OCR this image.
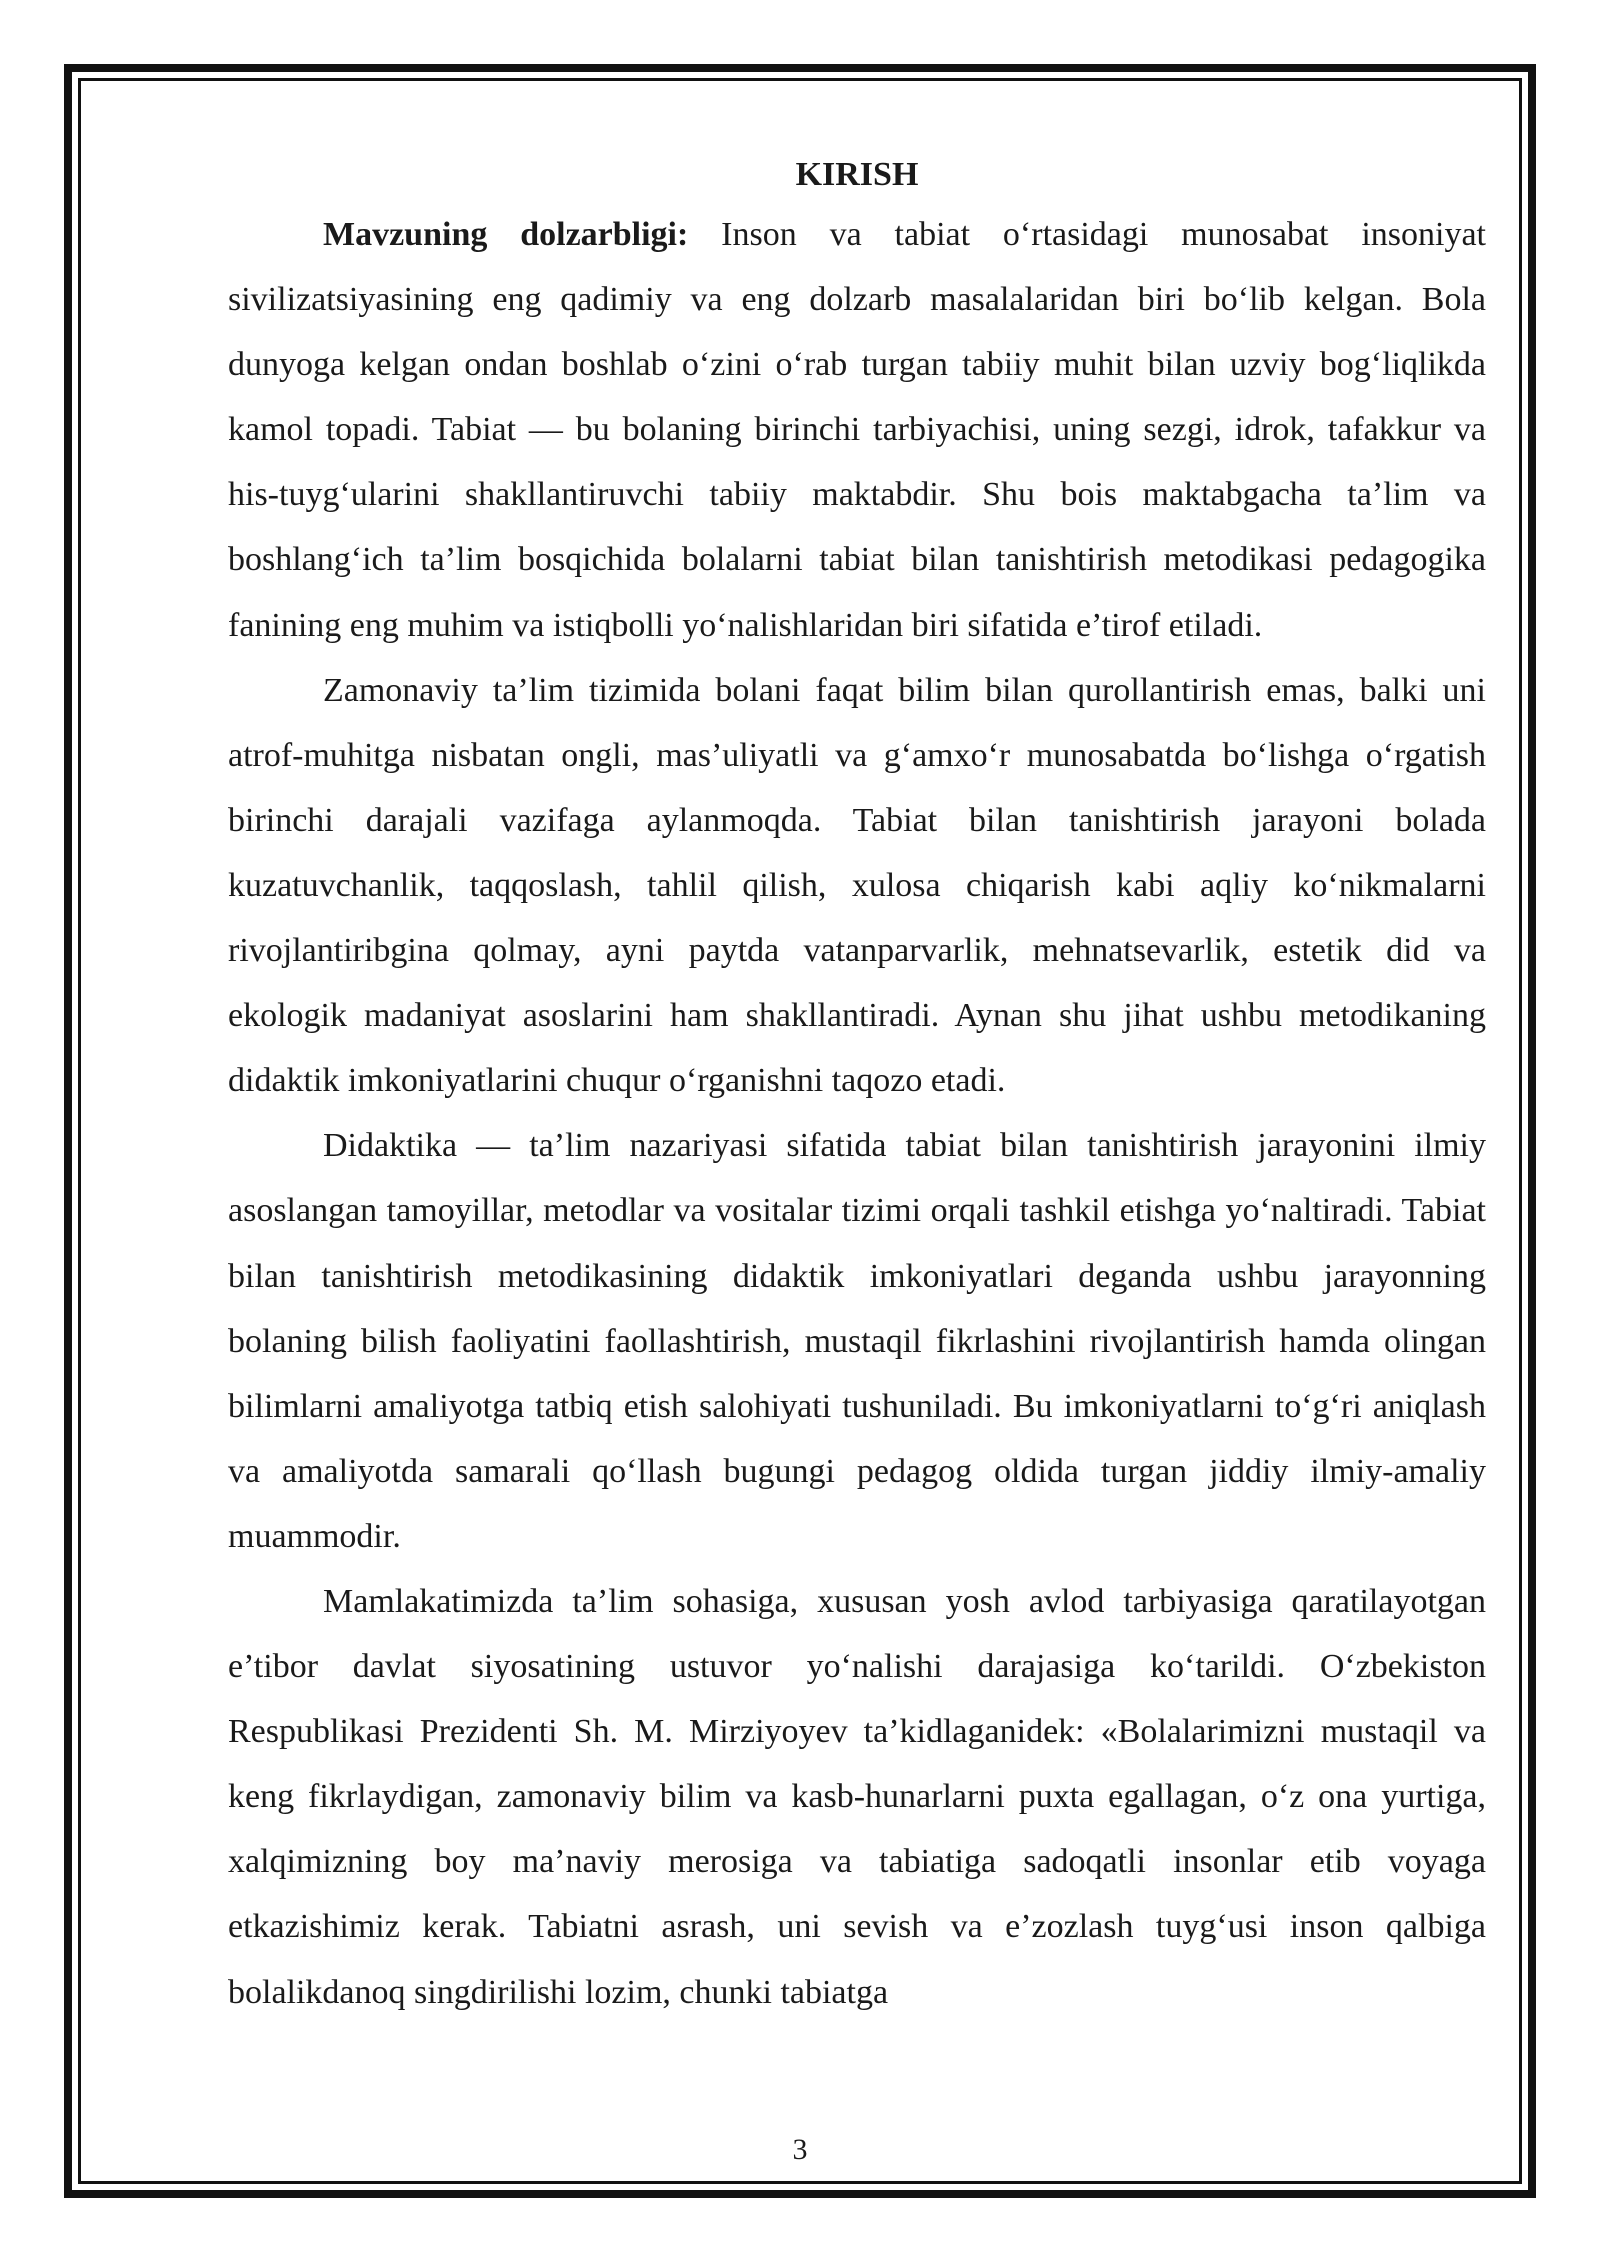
KIRISH

Mavzuning dolzarbligi: Inson va tabiat o‘rtasidagi munosabat insoniyat sivilizatsiyasining eng qadimiy va eng dolzarb masalalaridan biri bo‘lib kelgan. Bola dunyoga kelgan ondan boshlab o‘zini o‘rab turgan tabiiy muhit bilan uzviy bog‘liqlikda kamol topadi. Tabiat — bu bolaning birinchi tarbiyachisi, uning sezgi, idrok, tafakkur va his-tuyg‘ularini shakllantiruvchi tabiiy maktabdir. Shu bois maktabgacha ta’lim va boshlang‘ich ta’lim bosqichida bolalarni tabiat bilan tanishtirish metodikasi pedagogika fanining eng muhim va istiqbolli yo‘nalishlaridan biri sifatida e’tirof etiladi.

Zamonaviy ta’lim tizimida bolani faqat bilim bilan qurollantirish emas, balki uni atrof-muhitga nisbatan ongli, mas’uliyatli va g‘amxo‘r munosabatda bo‘lishga o‘rgatish birinchi darajali vazifaga aylanmoqda. Tabiat bilan tanishtirish jarayoni bolada kuzatuvchanlik, taqqoslash, tahlil qilish, xulosa chiqarish kabi aqliy ko‘nikmalarni rivojlantiribgina qolmay, ayni paytda vatanparvarlik, mehnatsevarlik, estetik did va ekologik madaniyat asoslarini ham shakllantiradi. Aynan shu jihat ushbu metodikaning didaktik imkoniyatlarini chuqur o‘rganishni taqozo etadi.

Didaktika — ta’lim nazariyasi sifatida tabiat bilan tanishtirish jarayonini ilmiy asoslangan tamoyillar, metodlar va vositalar tizimi orqali tashkil etishga yo‘naltiradi. Tabiat bilan tanishtirish metodikasining didaktik imkoniyatlari deganda ushbu jarayonning bolaning bilish faoliyatini faollashtirish, mustaqil fikrlashini rivojlantirish hamda olingan bilimlarni amaliyotga tatbiq etish salohiyati tushuniladi. Bu imkoniyatlarni to‘g‘ri aniqlash va amaliyotda samarali qo‘llash bugungi pedagog oldida turgan jiddiy ilmiy-amaliy muammodir.

Mamlakatimizda ta’lim sohasiga, xususan yosh avlod tarbiyasiga qaratilayotgan e’tibor davlat siyosatining ustuvor yo‘nalishi darajasiga ko‘tarildi. O‘zbekiston Respublikasi Prezidenti Sh. M. Mirziyoyev ta’kidlaganidek: «Bolalarimizni mustaqil va keng fikrlaydigan, zamonaviy bilim va kasb-hunarlarni puxta egallagan, o‘z ona yurtiga, xalqimizning boy ma’naviy merosiga va tabiatiga sadoqatli insonlar etib voyaga etkazishimiz kerak. Tabiatni asrash, uni sevish va e’zozlash tuyg‘usi inson qalbiga bolalikdanoq singdirilishi lozim, chunki tabiatga

3
